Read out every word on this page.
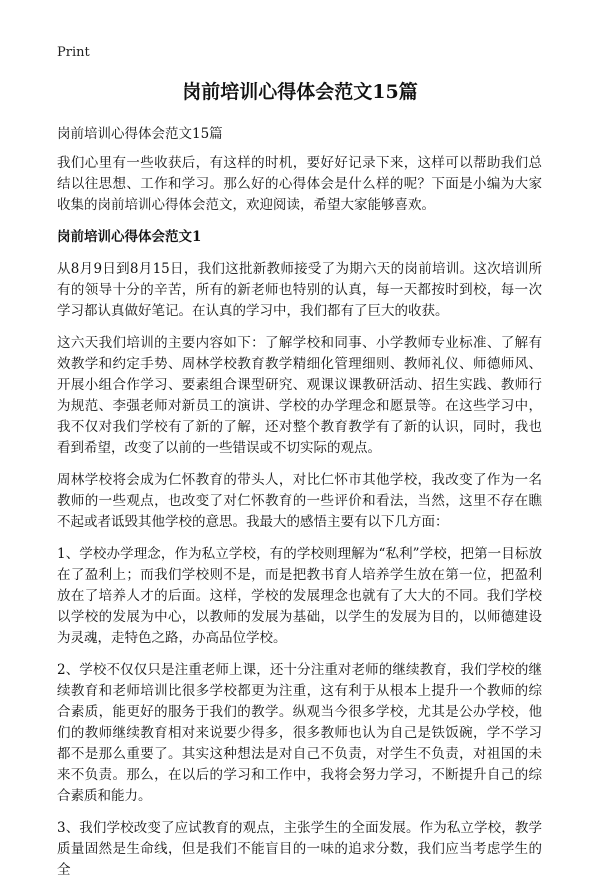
Print
岗前培训心得体会范文15篇

岗前培训心得体会范文15篇

我们心里有一些收获后，有这样的时机，要好好记录下来，这样可以帮助我们总结以往思想、工作和学习。那么好的心得体会是什么样的呢？下面是小编为大家收集的岗前培训心得体会范文，欢迎阅读，希望大家能够喜欢。

岗前培训心得体会范文1

从8月9日到8月15日，我们这批新教师接受了为期六天的岗前培训。这次培训所有的领导十分的辛苦，所有的新老师也特别的认真，每一天都按时到校，每一次学习都认真做好笔记。在认真的学习中，我们都有了巨大的收获。

这六天我们培训的主要内容如下：了解学校和同事、小学教师专业标准、了解有效教学和约定手势、周林学校教育教学精细化管理细则、教师礼仪、师德师风、开展小组合作学习、要素组合课型研究、观课议课教研活动、招生实践、教师行为规范、李强老师对新员工的演讲、学校的办学理念和愿景等。在这些学习中，我不仅对我们学校有了新的了解，还对整个教育教学有了新的认识，同时，我也看到希望，改变了以前的一些错误或不切实际的观点。

周林学校将会成为仁怀教育的带头人，对比仁怀市其他学校，我改变了作为一名教师的一些观点，也改变了对仁怀教育的一些评价和看法，当然，这里不存在瞧不起或者诋毁其他学校的意思。我最大的感悟主要有以下几方面：

1、学校办学理念，作为私立学校，有的学校则理解为“私利”学校，把第一目标放在了盈利上；而我们学校则不是，而是把教书育人培养学生放在第一位，把盈利放在了培养人才的后面。这样，学校的发展理念也就有了大大的不同。我们学校以学校的发展为中心，以教师的发展为基础，以学生的发展为目的，以师德建设为灵魂，走特色之路，办高品位学校。

2、学校不仅仅只是注重老师上课，还十分注重对老师的继续教育，我们学校的继续教育和老师培训比很多学校都更为注重，这有利于从根本上提升一个教师的综合素质，能更好的服务于我们的教学。纵观当今很多学校，尤其是公办学校，他们的教师继续教育相对来说要少得多，很多教师也认为自己是铁饭碗，学不学习都不是那么重要了。其实这种想法是对自己不负责，对学生不负责，对祖国的未来不负责。那么，在以后的学习和工作中，我将会努力学习，不断提升自己的综合素质和能力。

3、我们学校改变了应试教育的观点，主张学生的全面发展。作为私立学校，教学质量固然是生命线，但是我们不能盲目的一味的追求分数，我们应当考虑学生的全
